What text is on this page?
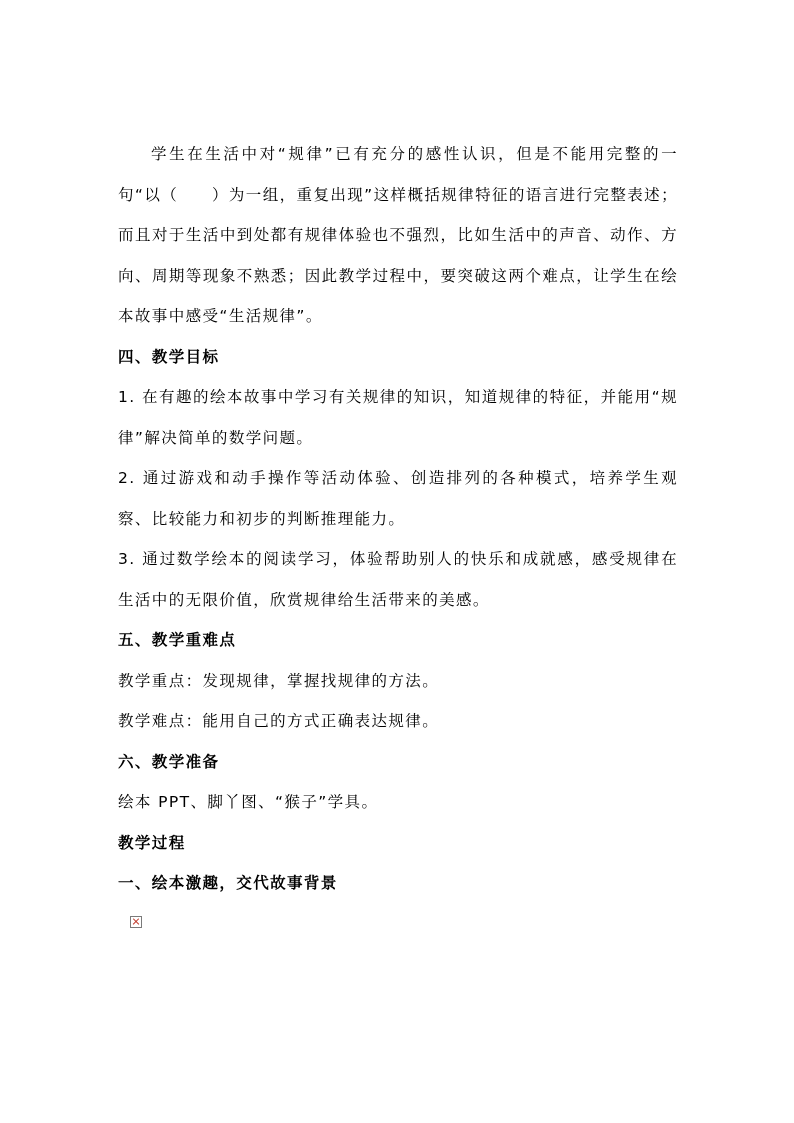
学生在生活中对“规律”已有充分的感性认识，但是不能用完整的一句“以（　　）为一组，重复出现”这样概括规律特征的语言进行完整表述；而且对于生活中到处都有规律体验也不强烈，比如生活中的声音、动作、方向、周期等现象不熟悉；因此教学过程中，要突破这两个难点，让学生在绘本故事中感受“生活规律”。

四、教学目标

1. 在有趣的绘本故事中学习有关规律的知识，知道规律的特征，并能用“规律”解决简单的数学问题。

2. 通过游戏和动手操作等活动体验、创造排列的各种模式，培养学生观察、比较能力和初步的判断推理能力。

3. 通过数学绘本的阅读学习，体验帮助别人的快乐和成就感，感受规律在生活中的无限价值，欣赏规律给生活带来的美感。

五、教学重难点

教学重点：发现规律，掌握找规律的方法。

教学难点：能用自己的方式正确表达规律。

六、教学准备

绘本 PPT、脚丫图、“猴子”学具。

教学过程

一、绘本激趣，交代故事背景
